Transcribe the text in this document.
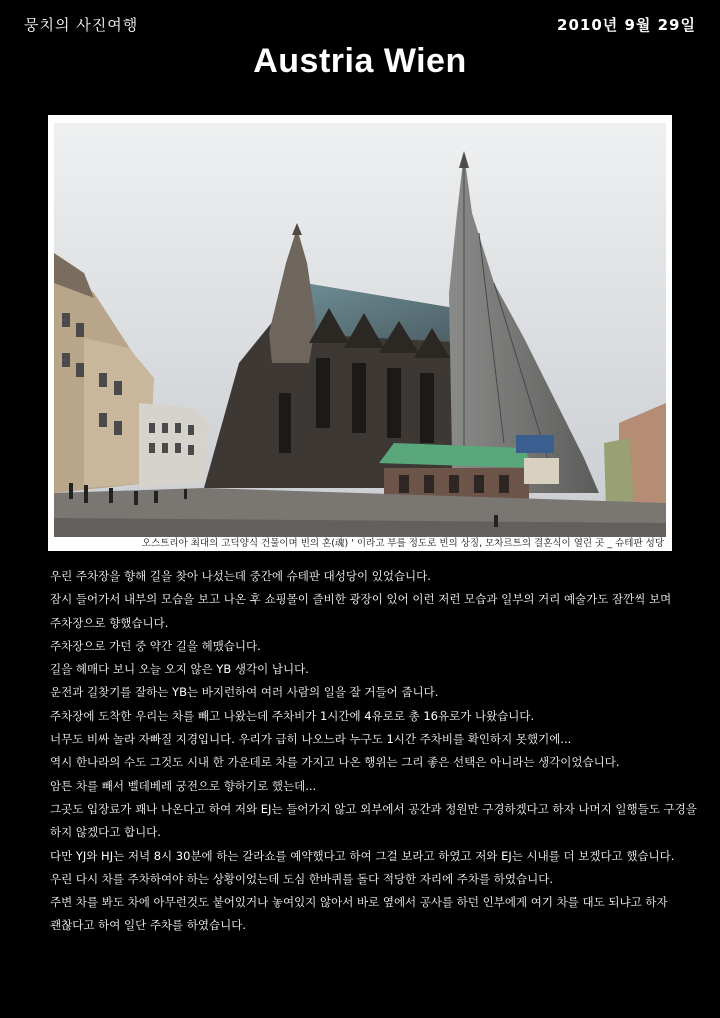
뭉치의 사진여행	2010년 9월 29일
Austria Wien
오스트리아 최대의 고딕양식 건물이며 빈의 혼(魂) ' 이라고 부를 정도로 빈의 상징, 모차르트의 결혼식이 열린 곳 _ 슈테판 성당

우린 주차장을 향해 길을 찾아 나섰는데 중간에 슈테판 대성당이 있었습니다.

잠시 들어가서 내부의 모습을 보고 나온 후 쇼핑몰이 즐비한 광장이 있어 이런 저런 모습과 일부의 거리 예술가도 잠깐씩 보며

주차장으로 향했습니다.

주차장으로 가던 중 약간 길을 헤맸습니다.

길을 헤매다 보니 오늘 오지 않은 YB 생각이 납니다.

운전과 길찾기를 잘하는 YB는 바지런하여 여러 사람의 일을 잘 거들어 줍니다.

주차장에 도착한 우리는 차를 빼고 나왔는데 주차비가 1시간에 4유로로 총 16유로가 나왔습니다.

너무도 비싸 놀라 자빠질 지경입니다. 우리가 급히 나오느라 누구도 1시간 주차비를 확인하지 못했기에...

역시 한나라의 수도 그것도 시내 한 가운데로 차를 가지고 나온 행위는 그리 좋은 선택은 아니라는 생각이었습니다.

암튼 차를 빼서 벨데베레 궁전으로 향하기로 했는데...

그곳도 입장료가 꽤나 나온다고 하여 저와 EJ는 들어가지 않고 외부에서 공간과 정원만 구경하겠다고 하자 나머지 일행들도 구경을

하지 않겠다고 합니다.

다만 YJ와 HJ는 저녁 8시 30분에 하는 갈라쇼를 예약했다고 하여 그걸 보라고 하였고 저와 EJ는 시내를 더 보겠다고 했습니다.

우린 다시 차를 주차하여야 하는 상황이었는데 도심 한바퀴를 돌다 적당한 자리에 주차를 하였습니다.

주변 차를 봐도 차에 아무런것도 붙어있거나 놓여있지 않아서 바로 옆에서 공사를 하던 인부에게 여기 차를 대도 되냐고 하자

괜찮다고 하여 일단 주차를 하였습니다.
